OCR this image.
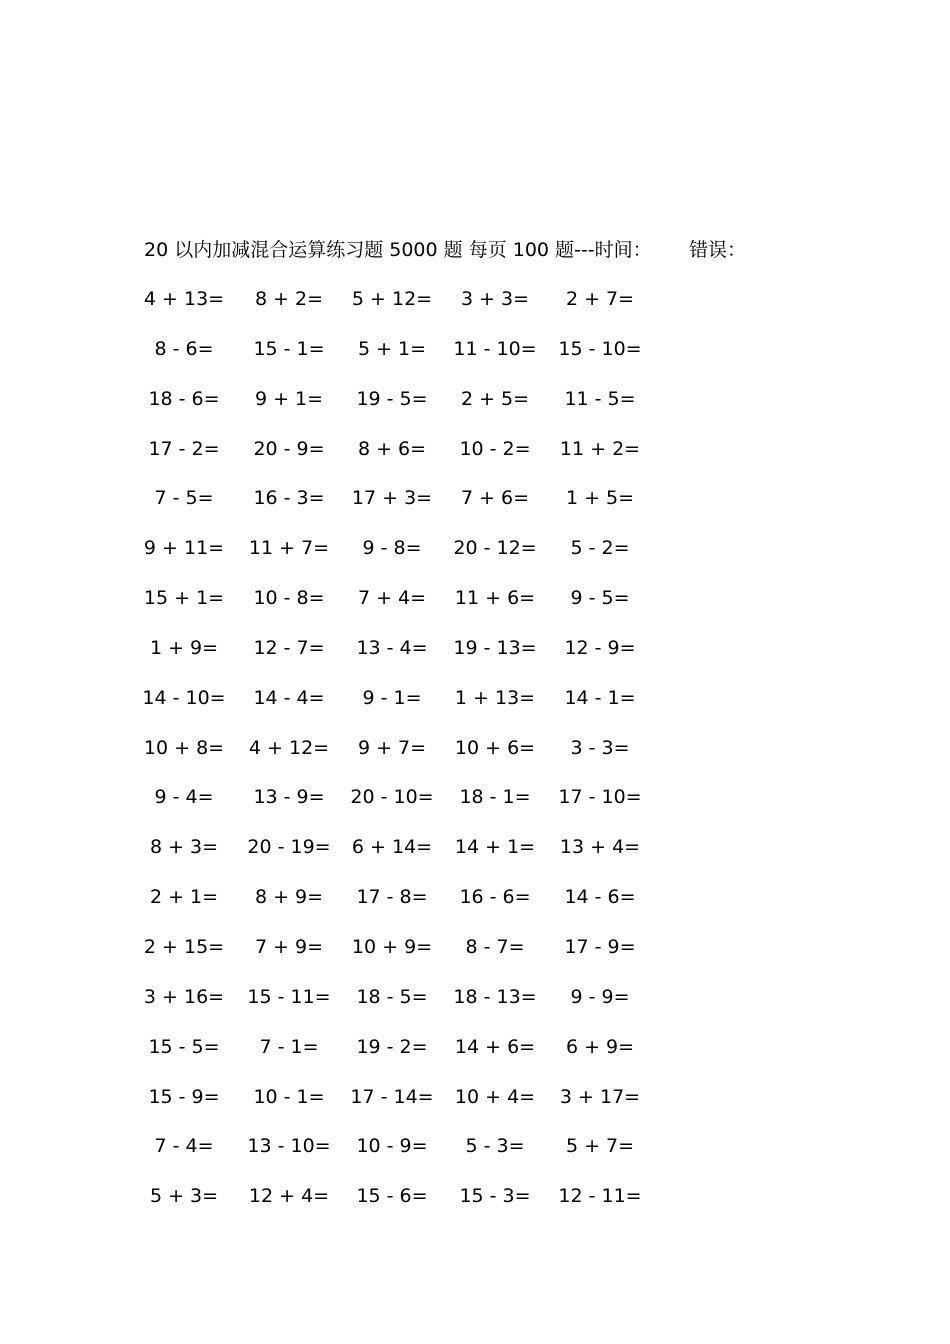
20 以内加减混合运算练习题 5000 题 每页 100 题---时间： 错误：
4 + 13=	8 + 2=	5 + 12=	3 + 3=	2 + 7=
8 - 6=	15 - 1=	5 + 1=	11 - 10=	15 - 10=
18 - 6=	9 + 1=	19 - 5=	2 + 5=	11 - 5=
17 - 2=	20 - 9=	8 + 6=	10 - 2=	11 + 2=
7 - 5=	16 - 3=	17 + 3=	7 + 6=	1 + 5=
9 + 11=	11 + 7=	9 - 8=	20 - 12=	5 - 2=
15 + 1=	10 - 8=	7 + 4=	11 + 6=	9 - 5=
1 + 9=	12 - 7=	13 - 4=	19 - 13=	12 - 9=
14 - 10=	14 - 4=	9 - 1=	1 + 13=	14 - 1=
10 + 8=	4 + 12=	9 + 7=	10 + 6=	3 - 3=
9 - 4=	13 - 9=	20 - 10=	18 - 1=	17 - 10=
8 + 3=	20 - 19=	6 + 14=	14 + 1=	13 + 4=
2 + 1=	8 + 9=	17 - 8=	16 - 6=	14 - 6=
2 + 15=	7 + 9=	10 + 9=	8 - 7=	17 - 9=
3 + 16=	15 - 11=	18 - 5=	18 - 13=	9 - 9=
15 - 5=	7 - 1=	19 - 2=	14 + 6=	6 + 9=
15 - 9=	10 - 1=	17 - 14=	10 + 4=	3 + 17=
7 - 4=	13 - 10=	10 - 9=	5 - 3=	5 + 7=
5 + 3=	12 + 4=	15 - 6=	15 - 3=	12 - 11=
